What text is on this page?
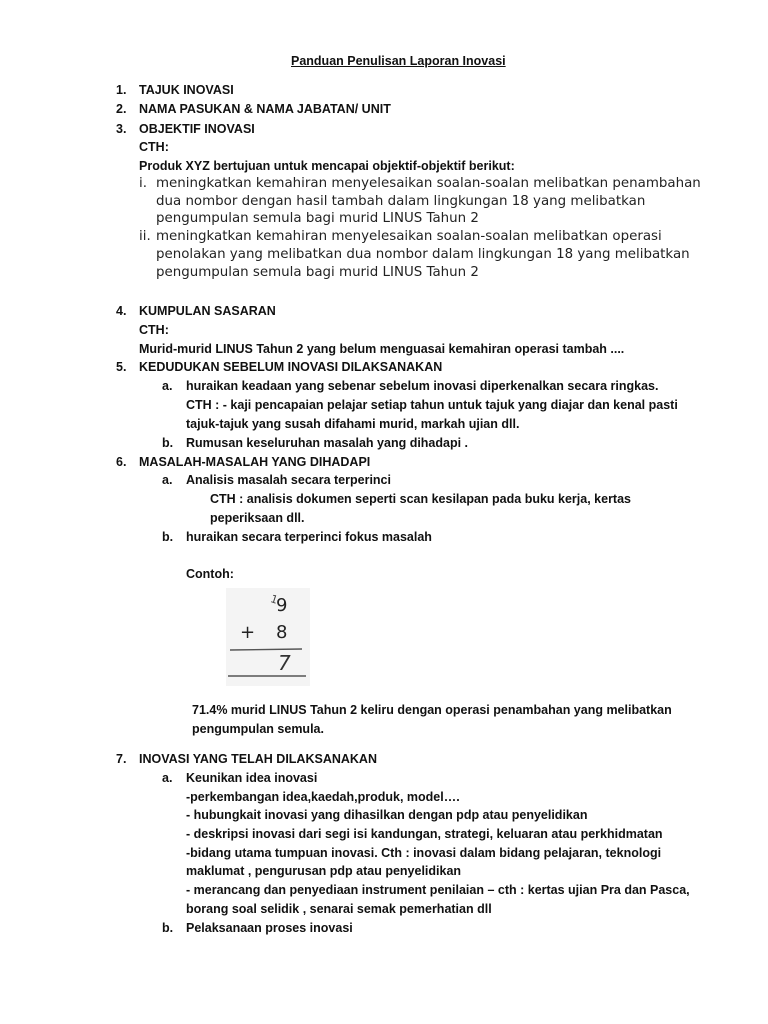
Panduan Penulisan Laporan Inovasi
1. TAJUK INOVASI
2. NAMA PASUKAN & NAMA JABATAN/ UNIT
3. OBJEKTIF INOVASI
CTH:
Produk XYZ bertujuan untuk mencapai objektif-objektif berikut:
i. meningkatkan kemahiran menyelesaikan soalan-soalan melibatkan penambahan
dua nombor dengan hasil tambah dalam lingkungan 18 yang melibatkan
pengumpulan semula bagi murid LINUS Tahun 2
ii. meningkatkan kemahiran menyelesaikan soalan-soalan melibatkan operasi
penolakan yang melibatkan dua nombor dalam lingkungan 18 yang melibatkan
pengumpulan semula bagi murid LINUS Tahun 2
4. KUMPULAN SASARAN
CTH:
Murid-murid LINUS Tahun 2 yang belum menguasai kemahiran operasi tambah ....
5. KEDUDUKAN SEBELUM INOVASI DILAKSANAKAN
a. huraikan keadaan yang sebenar sebelum inovasi diperkenalkan secara ringkas.
CTH : - kaji pencapaian pelajar setiap tahun untuk tajuk yang diajar dan kenal pasti
tajuk-tajuk yang susah difahami murid, markah ujian dll.
b. Rumusan keseluruhan masalah yang dihadapi .
6. MASALAH-MASALAH YANG DIHADAPI
a. Analisis masalah secara terperinci
CTH : analisis dokumen seperti scan kesilapan pada buku kerja, kertas
peperiksaan dll.
b. huraikan secara terperinci fokus masalah
Contoh:
1
9
+ 8
7
71.4% murid LINUS Tahun 2 keliru dengan operasi penambahan yang melibatkan
pengumpulan semula.
7. INOVASI YANG TELAH DILAKSANAKAN
a. Keunikan idea inovasi
-perkembangan idea,kaedah,produk, model….
- hubungkait inovasi yang dihasilkan dengan pdp atau penyelidikan
- deskripsi inovasi dari segi isi kandungan, strategi, keluaran atau perkhidmatan
-bidang utama tumpuan inovasi. Cth : inovasi dalam bidang pelajaran, teknologi
maklumat , pengurusan pdp atau penyelidikan
- merancang dan penyediaan instrument penilaian – cth : kertas ujian Pra dan Pasca,
borang soal selidik , senarai semak pemerhatian dll
b. Pelaksanaan proses inovasi
